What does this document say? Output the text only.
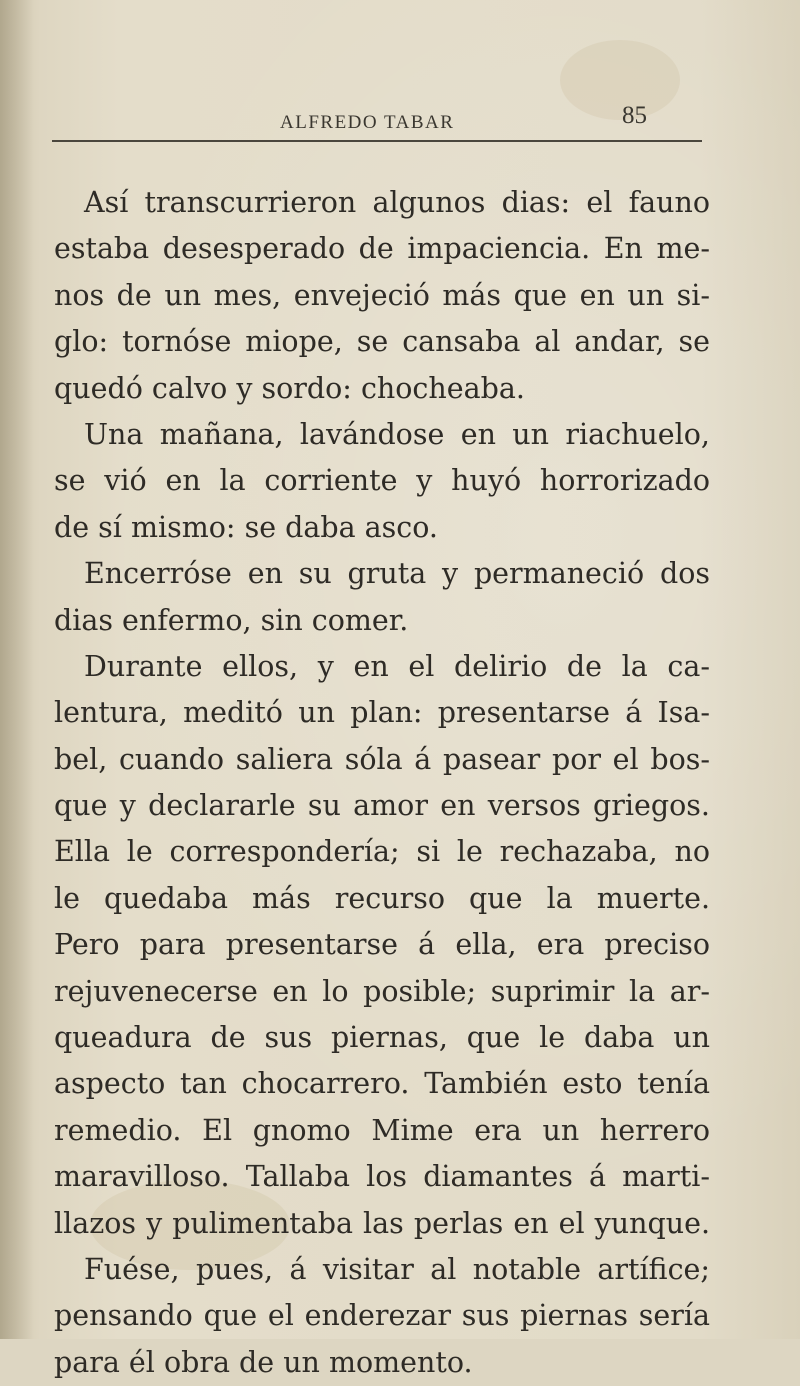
ALFREDO TABAR	85
Así transcurrieron algunos dias: el fauno
estaba desesperado de impaciencia. En me-
nos de un mes, envejeció más que en un si-
glo: tornóse miope, se cansaba al andar, se
quedó calvo y sordo: chocheaba.
Una mañana, lavándose en un riachuelo,
se vió en la corriente y huyó horrorizado
de sí mismo: se daba asco.
Encerróse en su gruta y permaneció dos
dias enfermo, sin comer.
Durante ellos, y en el delirio de la ca-
lentura, meditó un plan: presentarse á Isa-
bel, cuando saliera sóla á pasear por el bos-
que y declararle su amor en versos griegos.
Ella le correspondería; si le rechazaba, no
le quedaba más recurso que la muerte.
Pero para presentarse á ella, era preciso
rejuvenecerse en lo posible; suprimir la ar-
queadura de sus piernas, que le daba un
aspecto tan chocarrero. También esto tenía
remedio. El gnomo Mime era un herrero
maravilloso. Tallaba los diamantes á marti-
llazos y pulimentaba las perlas en el yunque.
Fuése, pues, á visitar al notable artífice;
pensando que el enderezar sus piernas sería
para él obra de un momento.
